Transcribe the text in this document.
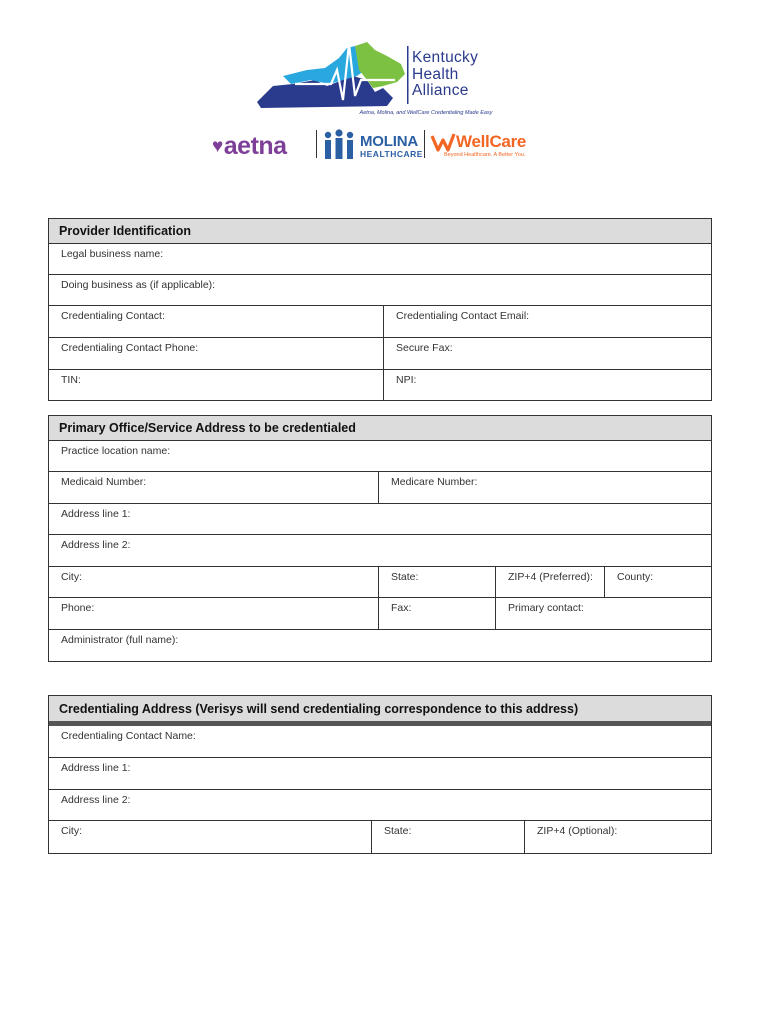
Kentucky
Health
Alliance
Aetna, Molina, and WellCare Credentialing Made Easy
♥aetna	MOLINA
HEALTHCARE
WellCare
Beyond Healthcare. A Better You.
Provider Identification
Legal business name:
Doing business as (if applicable):
Credentialing Contact:	Credentialing Contact Email:
Credentialing Contact Phone:	Secure Fax:
TIN:	NPI:
Primary Office/Service Address to be credentialed
Practice location name:
Medicaid Number:	Medicare Number:
Address line 1:
Address line 2:
City:	State:	ZIP+4 (Preferred):	County:
Phone:	Fax:	Primary contact:
Administrator (full name):
Credentialing Address (Verisys will send credentialing correspondence to this address)
Credentialing Contact Name:
Address line 1:
Address line 2:
City:	State:	ZIP+4 (Optional):
